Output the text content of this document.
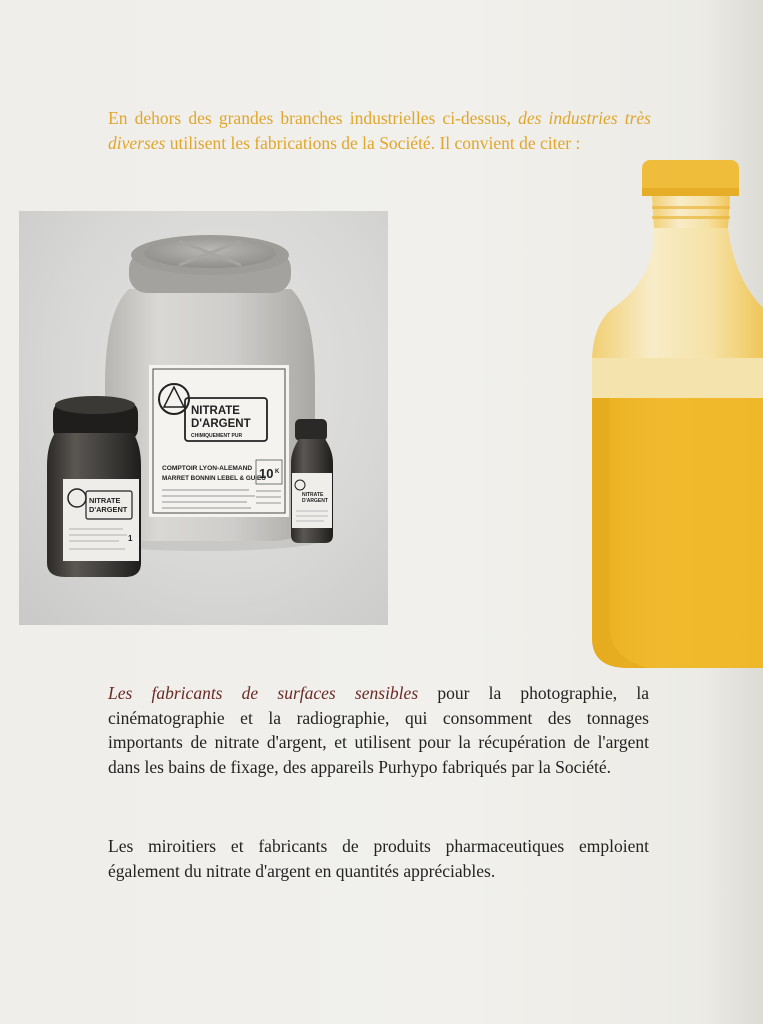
En dehors des grandes branches industrielles ci-dessus, des industries très diverses utilisent les fabrications de la Société. Il convient de citer :

NITRATE
D'ARGENT
CHIMIQUEMENT PUR
COMPTOIR LYON-ALEMAND
MARRET BONNIN LEBEL & GUIEU
10 K
NITRATE
D'ARGENT
1
NITRATE
D'ARGENT

Les fabricants de surfaces sensibles pour la photographie, la cinématographie et la radiographie, qui consomment des tonnages importants de nitrate d'argent, et utilisent pour la récupération de l'argent dans les bains de fixage, des appareils Purhypo fabriqués par la Société.

Les miroitiers et fabricants de produits pharmaceutiques emploient également du nitrate d'argent en quantités appréciables.
